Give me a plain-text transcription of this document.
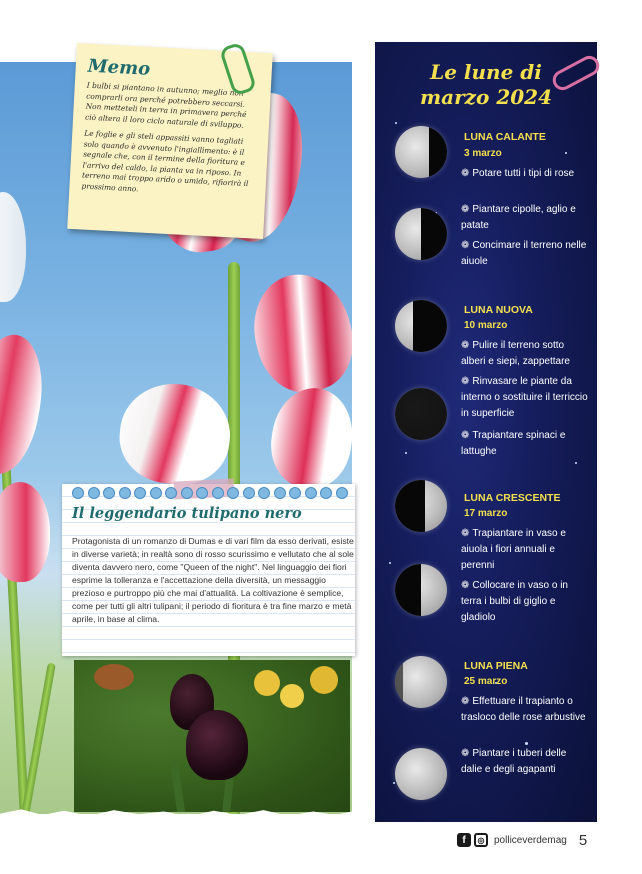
Memo

I bulbi si piantano in autunno; meglio non comprarli ora perché potrebbero seccarsi. Non metteteli in terra in primavera perché ciò altera il loro ciclo naturale di sviluppo.

Le foglie e gli steli appassiti vanno tagliati solo quando è avvenuto l'ingiallimento: è il segnale che, con il termine della fioritura e l'arrivo del caldo, la pianta va in riposo. In terreno mai troppo arido o umido, rifiorirà il prossimo anno.

Il leggendario tulipano nero
Protagonista di un romanzo di Dumas e di vari film da esso derivati, esiste in diverse varietà; in realtà sono di rosso scurissimo e vellutato che al sole diventa davvero nero, come "Queen of the night". Nel linguaggio dei fiori esprime la tolleranza e l'accettazione della diversità, un messaggio prezioso e purtroppo più che mai d'attualità. La coltivazione è semplice, come per tutti gli altri tulipani; il periodo di fioritura è tra fine marzo e metà aprile, in base al clima.
Le lune di
marzo 2024
LUNA CALANTE
3 marzo
❁ Potare tutti i tipi di rose
❁ Piantare cipolle, aglio e patate
❁ Concimare il terreno nelle aiuole
LUNA NUOVA
10 marzo
❁ Pulire il terreno sotto alberi e siepi, zappettare
❁ Rinvasare le piante da interno o sostituire il terriccio in superficie
❁ Trapiantare spinaci e lattughe
LUNA CRESCENTE
17 marzo
❁ Trapiantare in vaso e aiuola i fiori annuali e perenni
❁ Collocare in vaso o in terra i bulbi di giglio e gladiolo
LUNA PIENA
25 marzo
❁ Effettuare il trapianto o trasloco delle rose arbustive
❁ Piantare i tuberi delle dalie e degli agapanti
f	◎ polliceverdemag 5
